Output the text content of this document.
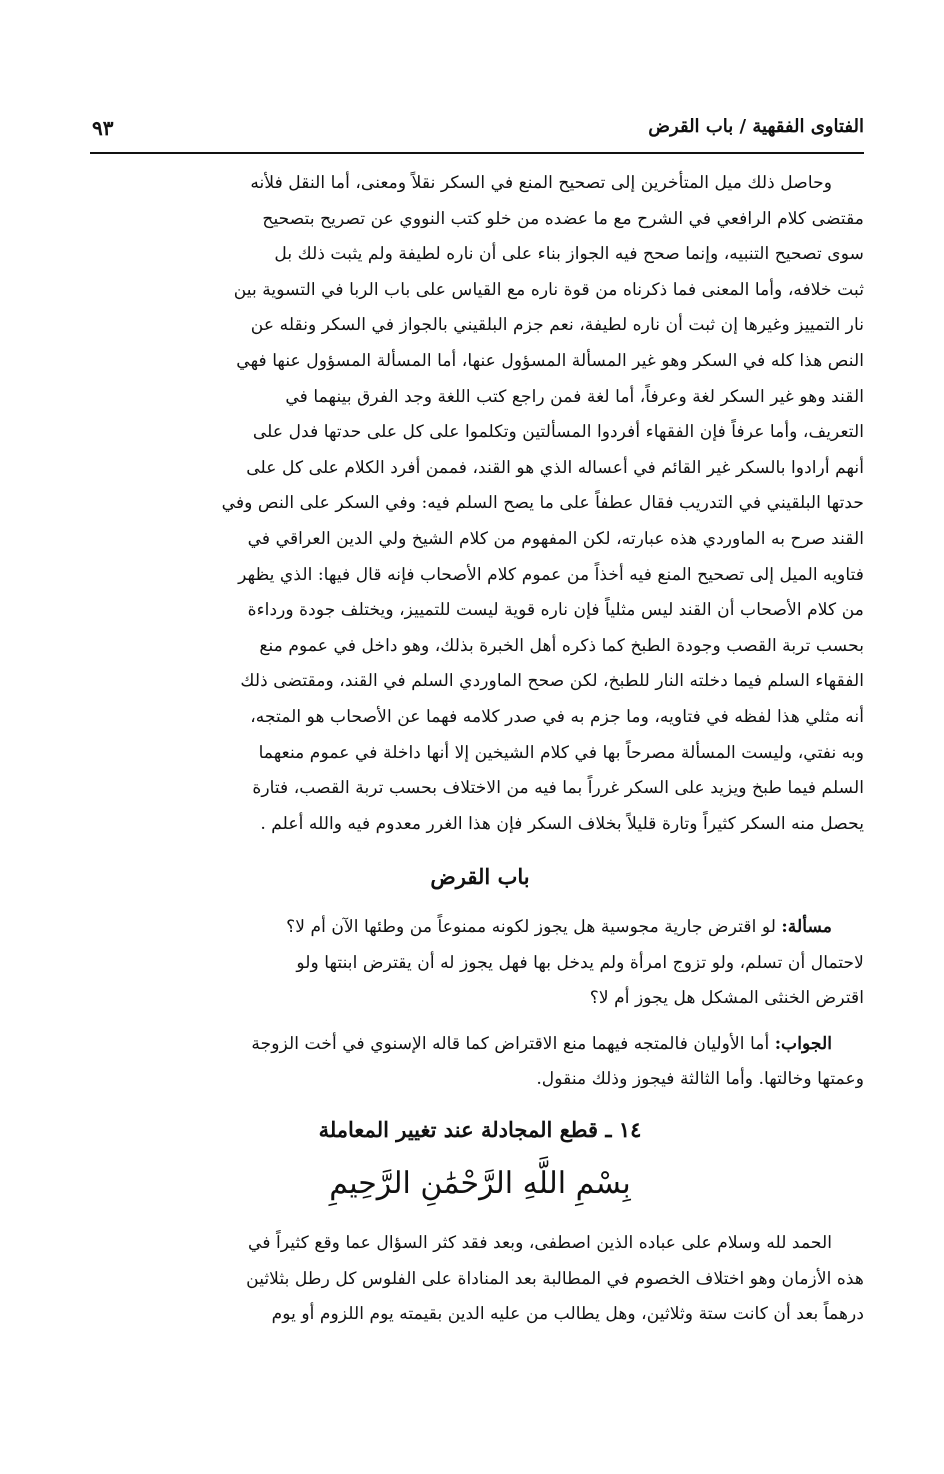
الفتاوى الفقهية / باب القرض
٩٣
وحاصل ذلك ميل المتأخرين إلى تصحيح المنع في السكر نقلاً ومعنى، أما النقل فلأنه
مقتضى كلام الرافعي في الشرح مع ما عضده من خلو كتب النووي عن تصريح بتصحيح
سوى تصحيح التنبيه، وإنما صحح فيه الجواز بناء على أن ناره لطيفة ولم يثبت ذلك بل
ثبت خلافه، وأما المعنى فما ذكرناه من قوة ناره مع القياس على باب الربا في التسوية بين
نار التمييز وغيرها إن ثبت أن ناره لطيفة، نعم جزم البلقيني بالجواز في السكر ونقله عن
النص هذا كله في السكر وهو غير المسألة المسؤول عنها، أما المسألة المسؤول عنها فهي
القند وهو غير السكر لغة وعرفاً، أما لغة فمن راجع كتب اللغة وجد الفرق بينهما في
التعريف، وأما عرفاً فإن الفقهاء أفردوا المسألتين وتكلموا على كل على حدتها فدل على
أنهم أرادوا بالسكر غير القائم في أعساله الذي هو القند، فممن أفرد الكلام على كل على
حدتها البلقيني في التدريب فقال عطفاً على ما يصح السلم فيه: وفي السكر على النص وفي
القند صرح به الماوردي هذه عبارته، لكن المفهوم من كلام الشيخ ولي الدين العراقي في
فتاويه الميل إلى تصحيح المنع فيه أخذاً من عموم كلام الأصحاب فإنه قال فيها: الذي يظهر
من كلام الأصحاب أن القند ليس مثلياً فإن ناره قوية ليست للتمييز، ويختلف جودة ورداءة
بحسب تربة القصب وجودة الطبخ كما ذكره أهل الخبرة بذلك، وهو داخل في عموم منع
الفقهاء السلم فيما دخلته النار للطبخ، لكن صحح الماوردي السلم في القند، ومقتضى ذلك
أنه مثلي هذا لفظه في فتاويه، وما جزم به في صدر كلامه فهما عن الأصحاب هو المتجه،
وبه نفتي، وليست المسألة مصرحاً بها في كلام الشيخين إلا أنها داخلة في عموم منعهما
السلم فيما طبخ ويزيد على السكر غرراً بما فيه من الاختلاف بحسب تربة القصب، فتارة
يحصل منه السكر كثيراً وتارة قليلاً بخلاف السكر فإن هذا الغرر معدوم فيه والله أعلم .
باب القرض
مسألة: لو اقترض جارية مجوسية هل يجوز لكونه ممنوعاً من وطئها الآن أم لا؟
لاحتمال أن تسلم، ولو تزوج امرأة ولم يدخل بها فهل يجوز له أن يقترض ابنتها ولو
اقترض الخنثى المشكل هل يجوز أم لا؟
الجواب: أما الأوليان فالمتجه فيهما منع الاقتراض كما قاله الإسنوي في أخت الزوجة
وعمتها وخالتها. وأما الثالثة فيجوز وذلك منقول.
١٤ ـ قطع المجادلة عند تغيير المعاملة
بِسْمِ اللَّهِ الرَّحْمَٰنِ الرَّحِيمِ
الحمد لله وسلام على عباده الذين اصطفى، وبعد فقد كثر السؤال عما وقع كثيراً في
هذه الأزمان وهو اختلاف الخصوم في المطالبة بعد المناداة على الفلوس كل رطل بثلاثين
درهماً بعد أن كانت ستة وثلاثين، وهل يطالب من عليه الدين بقيمته يوم اللزوم أو يوم
